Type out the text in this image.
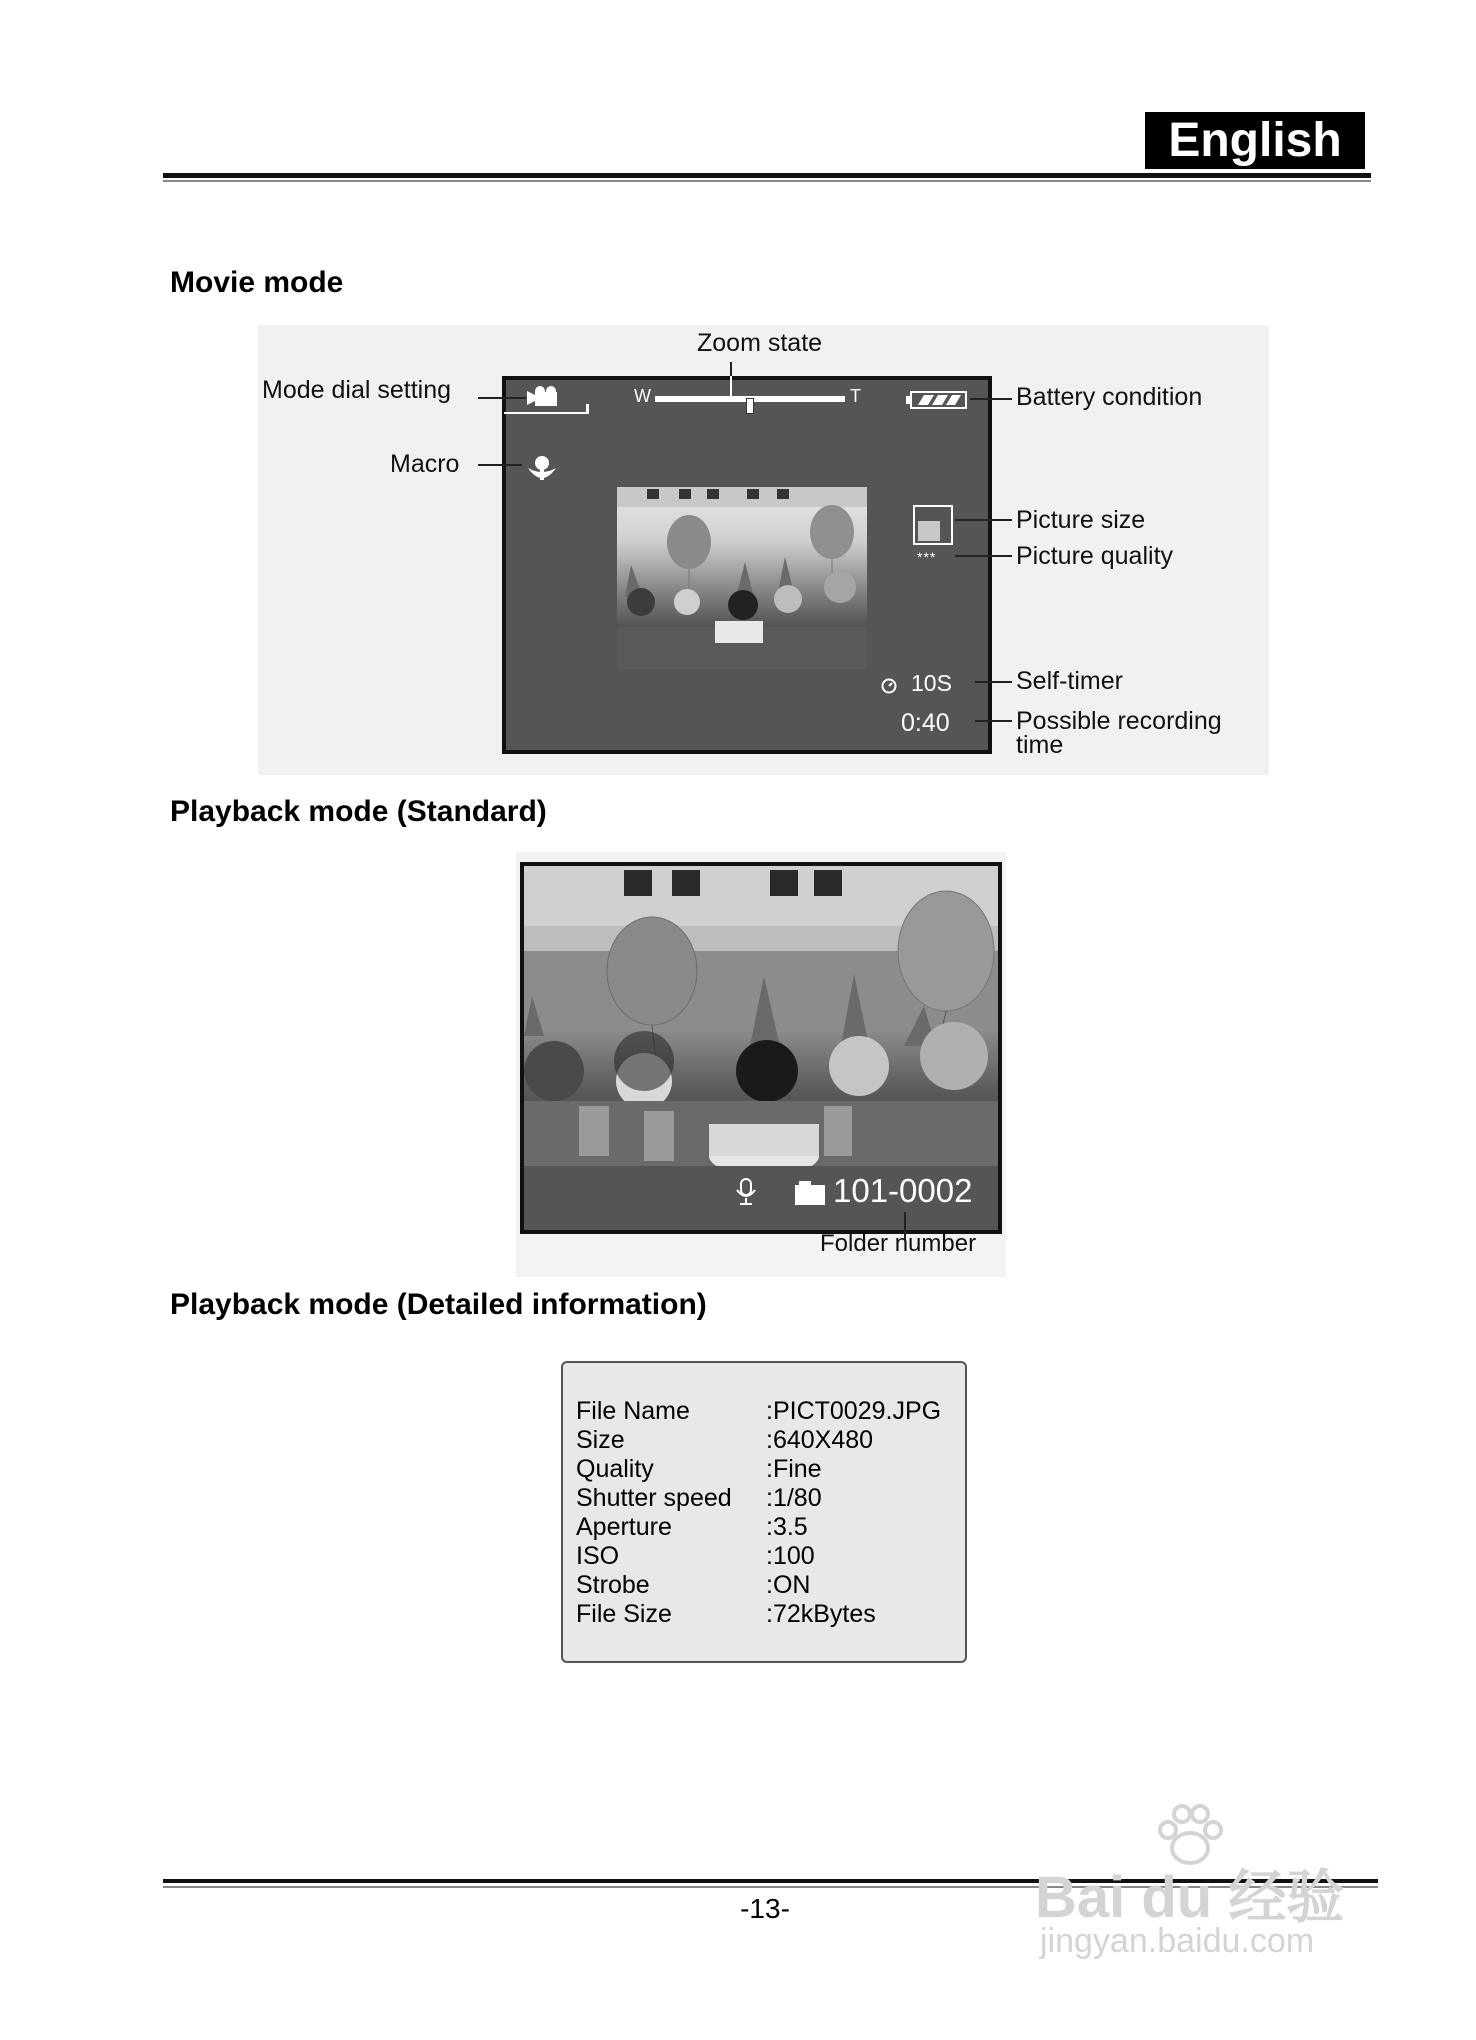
English
Movie mode
W	T
***
10S
0:40
Zoom state
Mode dial setting
Macro
Battery condition
Picture size
Picture quality
Self-timer
Possible recording
time
Playback mode (Standard)
101-0002
Folder number
Playback mode (Detailed information)
File Name	:PICT0029.JPG
Size	:640X480
Quality	:Fine
Shutter speed	:1/80
Aperture	:3.5
ISO	:100
Strobe	:ON
File Size	:72kBytes
-13-	Bai du 经验
jingyan.baidu.com
